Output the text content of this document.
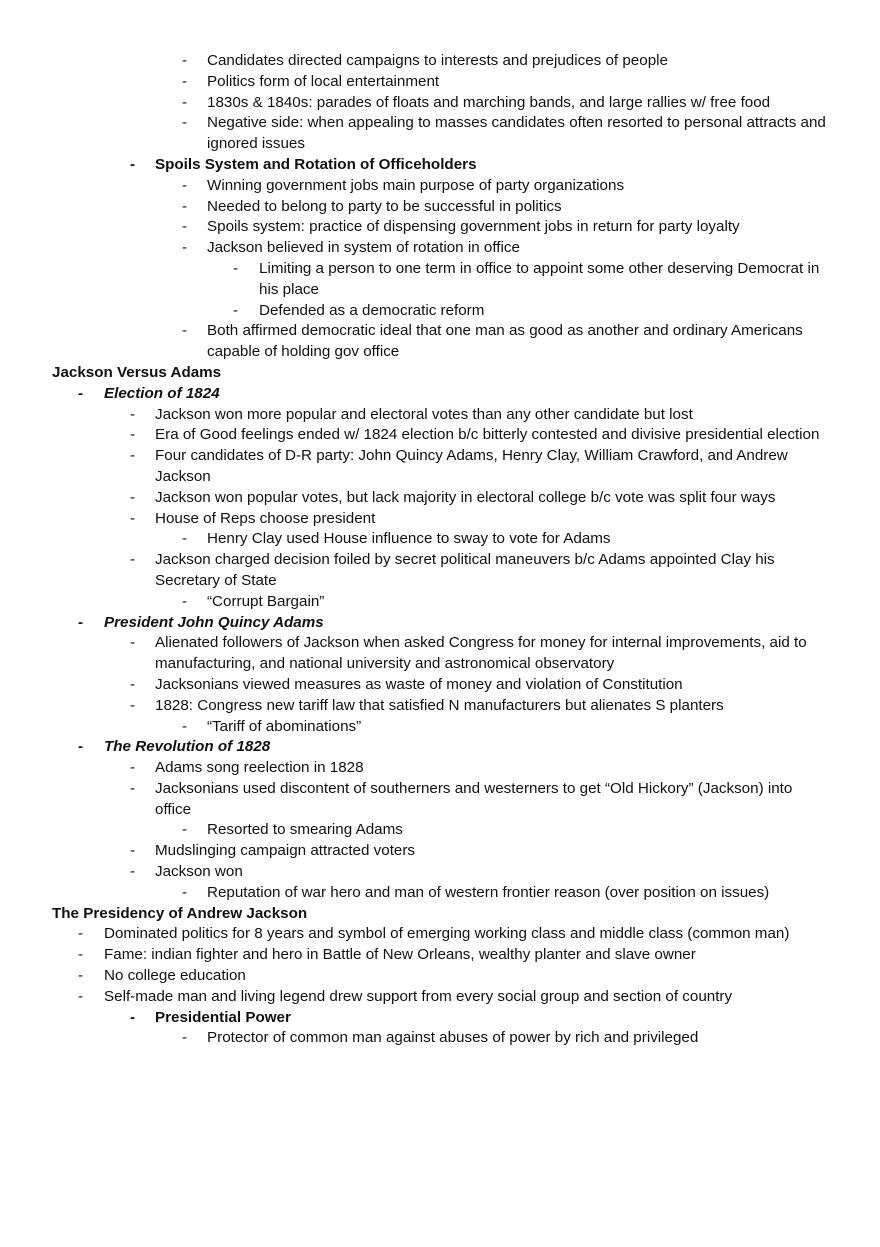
- Candidates directed campaigns to interests and prejudices of people
- Politics form of local entertainment
- 1830s & 1840s: parades of floats and marching bands, and large rallies w/ free food
- Negative side: when appealing to masses candidates often resorted to personal attracts and ignored issues
- Spoils System and Rotation of Officeholders
- Winning government jobs main purpose of party organizations
- Needed to belong to party to be successful in politics
- Spoils system: practice of dispensing government jobs in return for party loyalty
- Jackson believed in system of rotation in office
- Limiting a person to one term in office to appoint some other deserving Democrat in his place
- Defended as a democratic reform
- Both affirmed democratic ideal that one man as good as another and ordinary Americans capable of holding gov office
Jackson Versus Adams
- Election of 1824
- Jackson won more popular and electoral votes than any other candidate but lost
- Era of Good feelings ended w/ 1824 election b/c bitterly contested and divisive presidential election
- Four candidates of D-R party: John Quincy Adams, Henry Clay, William Crawford, and Andrew Jackson
- Jackson won popular votes, but lack majority in electoral college b/c vote was split four ways
- House of Reps choose president
- Henry Clay used House influence to sway to vote for Adams
- Jackson charged decision foiled by secret political maneuvers b/c Adams appointed Clay his Secretary of State
- “Corrupt Bargain”
- President John Quincy Adams
- Alienated followers of Jackson when asked Congress for money for internal improvements, aid to manufacturing, and national university and astronomical observatory
- Jacksonians viewed measures as waste of money and violation of Constitution
- 1828: Congress new tariff law that satisfied N manufacturers but alienates S planters
- “Tariff of abominations”
- The Revolution of 1828
- Adams song reelection in 1828
- Jacksonians used discontent of southerners and westerners to get “Old Hickory” (Jackson) into office
- Resorted to smearing Adams
- Mudslinging campaign attracted voters
- Jackson won
- Reputation of war hero and man of western frontier reason (over position on issues)
The Presidency of Andrew Jackson
- Dominated politics for 8 years and symbol of emerging working class and middle class (common man)
- Fame: indian fighter and hero in Battle of New Orleans, wealthy planter and slave owner
- No college education
- Self-made man and living legend drew support from every social group and section of country
- Presidential Power
- Protector of common man against abuses of power by rich and privileged
